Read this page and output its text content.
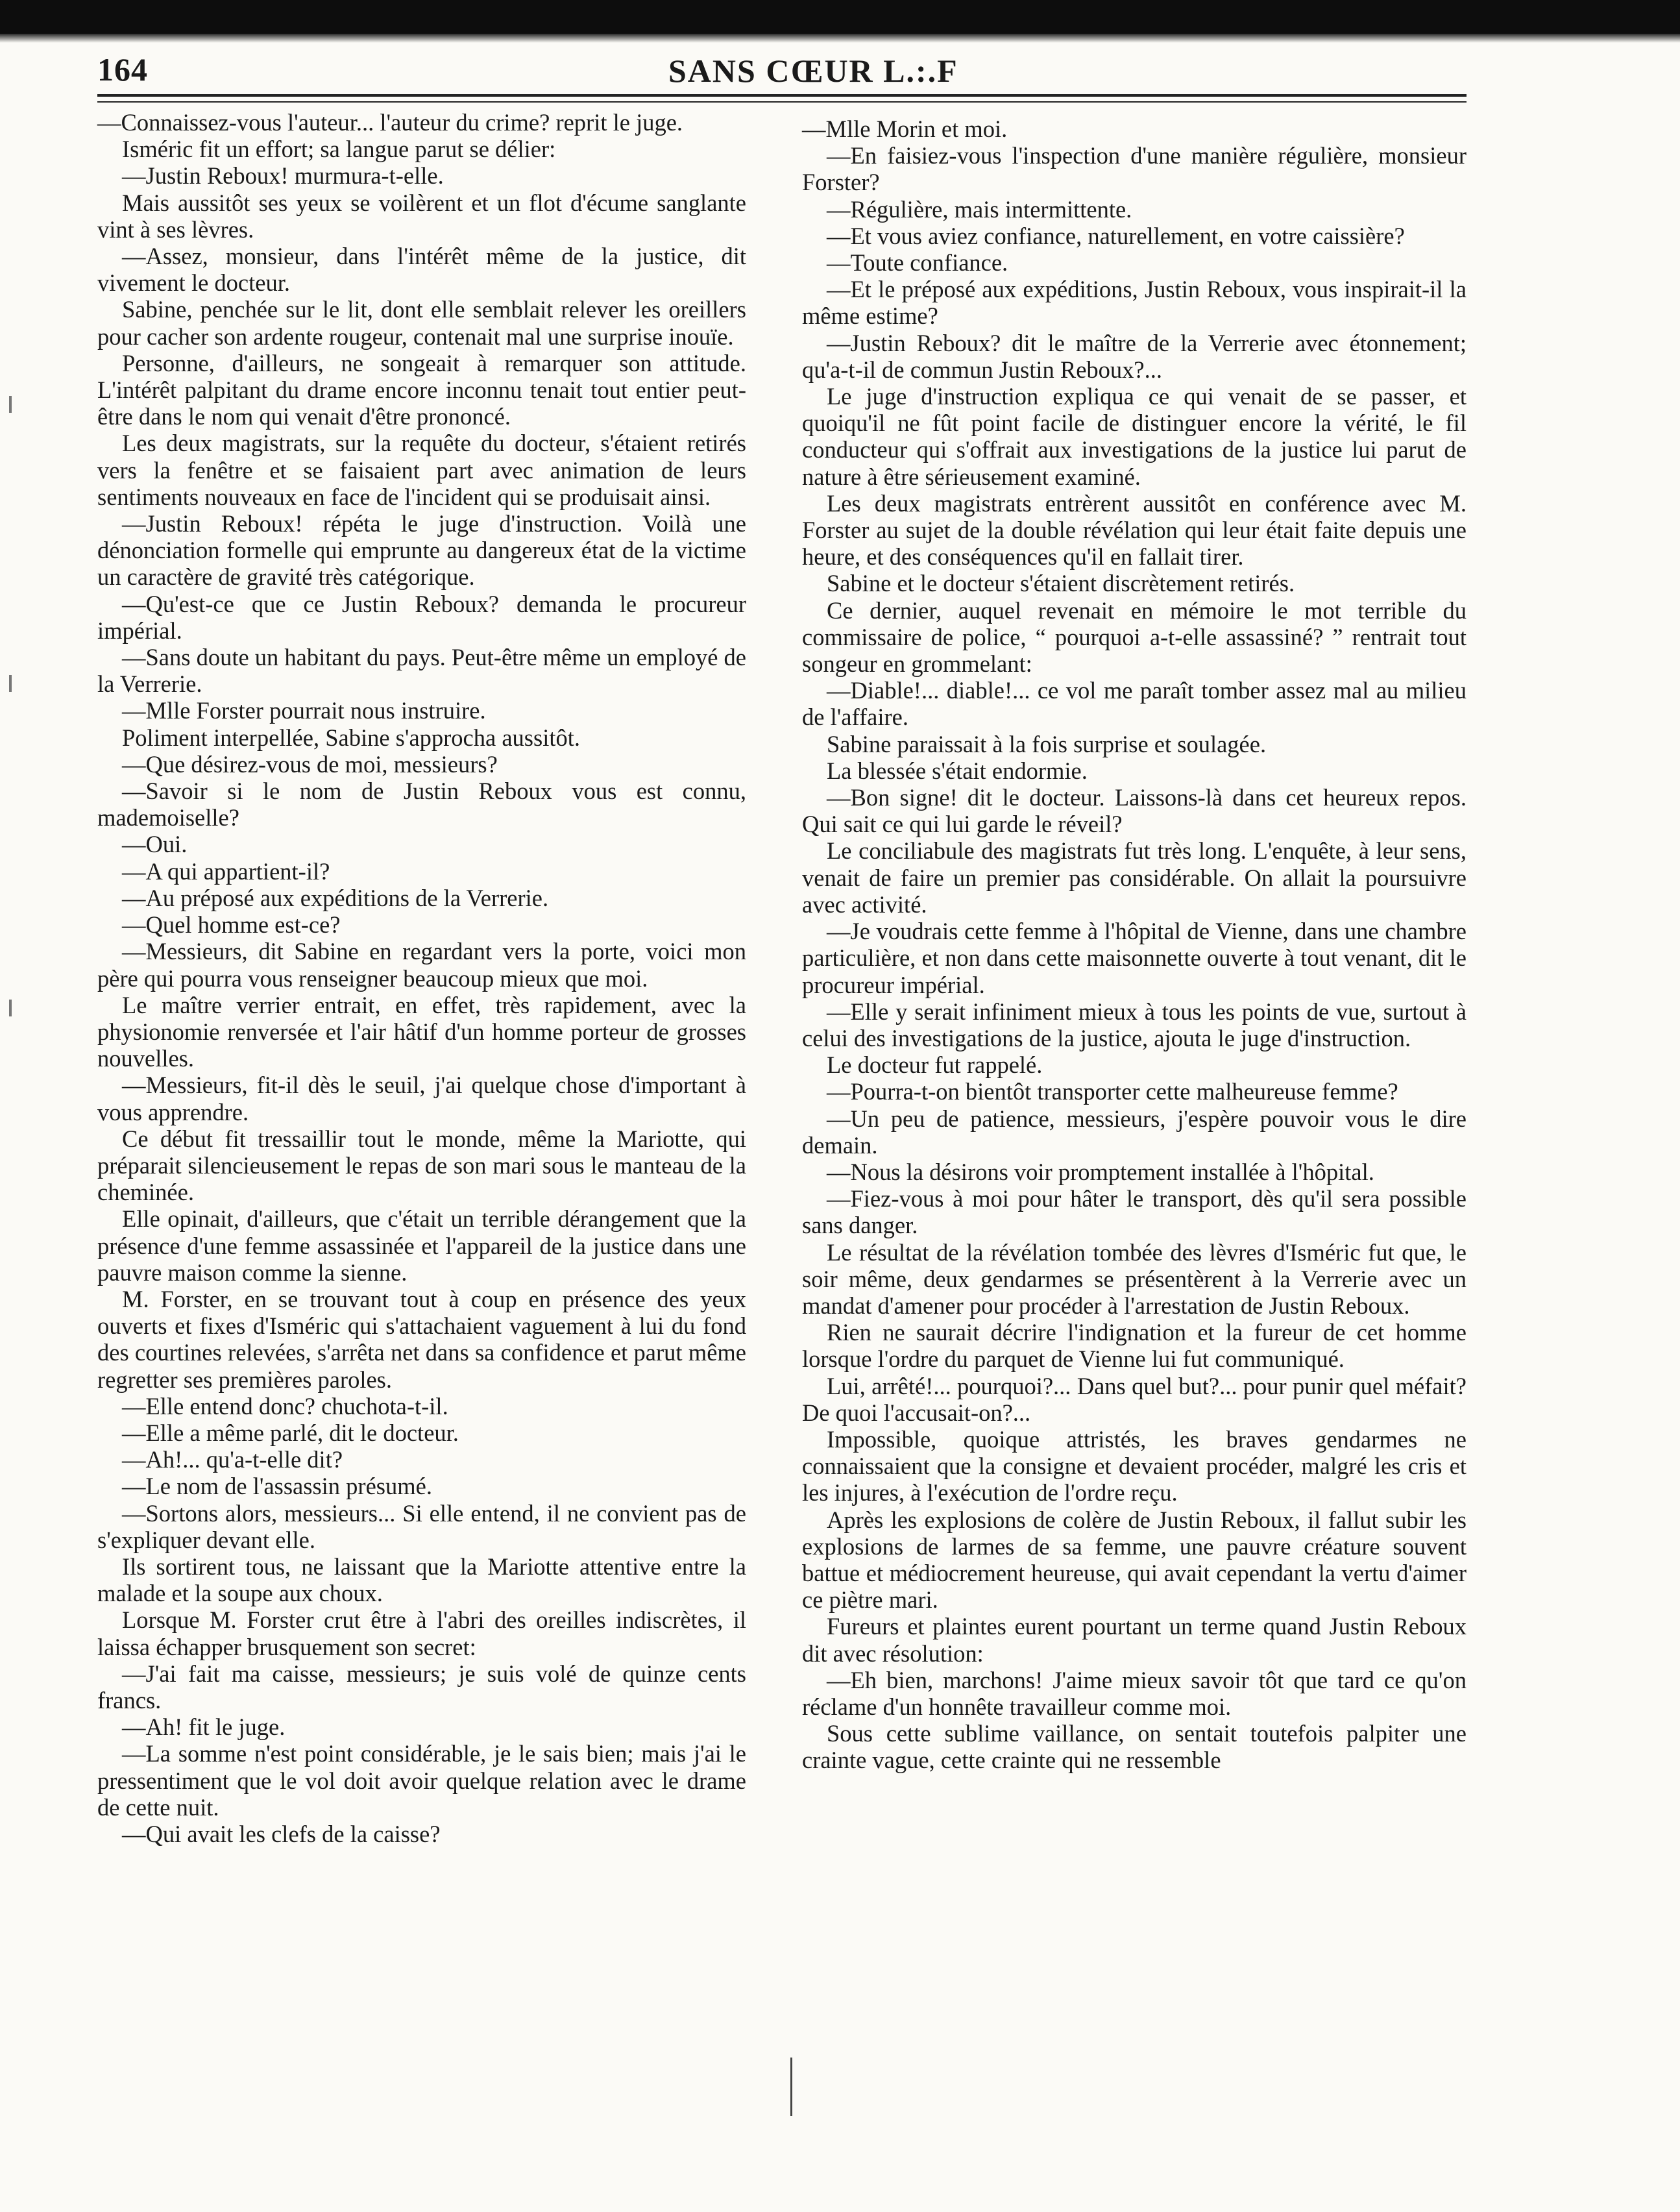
164	SANS CŒUR L.:.F

—Connaissez-vous l'auteur... l'auteur du crime? reprit le juge.

Isméric fit un effort; sa langue parut se délier:

—Justin Reboux! murmura-t-elle.

Mais aussitôt ses yeux se voilèrent et un flot d'écume sanglante vint à ses lèvres.

—Assez, monsieur, dans l'intérêt même de la justice, dit vivement le docteur.

Sabine, penchée sur le lit, dont elle semblait relever les oreillers pour cacher son ardente rougeur, contenait mal une surprise inouïe.

Personne, d'ailleurs, ne songeait à remarquer son attitude. L'intérêt palpitant du drame encore inconnu tenait tout entier peut-être dans le nom qui venait d'être prononcé.

Les deux magistrats, sur la requête du docteur, s'étaient retirés vers la fenêtre et se faisaient part avec animation de leurs sentiments nouveaux en face de l'incident qui se produisait ainsi.

—Justin Reboux! répéta le juge d'instruction. Voilà une dénonciation formelle qui emprunte au dangereux état de la victime un caractère de gravité très catégorique.

—Qu'est-ce que ce Justin Reboux? demanda le procureur impérial.

—Sans doute un habitant du pays. Peut-être même un employé de la Verrerie.

—Mlle Forster pourrait nous instruire.

Poliment interpellée, Sabine s'approcha aussitôt.

—Que désirez-vous de moi, messieurs?

—Savoir si le nom de Justin Reboux vous est connu, mademoiselle?

—Oui.

—A qui appartient-il?

—Au préposé aux expéditions de la Verrerie.

—Quel homme est-ce?

—Messieurs, dit Sabine en regardant vers la porte, voici mon père qui pourra vous renseigner beaucoup mieux que moi.

Le maître verrier entrait, en effet, très rapidement, avec la physionomie renversée et l'air hâtif d'un homme porteur de grosses nouvelles.

—Messieurs, fit-il dès le seuil, j'ai quelque chose d'important à vous apprendre.

Ce début fit tressaillir tout le monde, même la Mariotte, qui préparait silencieusement le repas de son mari sous le manteau de la cheminée.

Elle opinait, d'ailleurs, que c'était un terrible dérangement que la présence d'une femme assassinée et l'appareil de la justice dans une pauvre maison comme la sienne.

M. Forster, en se trouvant tout à coup en présence des yeux ouverts et fixes d'Isméric qui s'attachaient vaguement à lui du fond des courtines relevées, s'arrêta net dans sa confidence et parut même regretter ses premières paroles.

—Elle entend donc? chuchota-t-il.

—Elle a même parlé, dit le docteur.

—Ah!... qu'a-t-elle dit?

—Le nom de l'assassin présumé.

—Sortons alors, messieurs... Si elle entend, il ne convient pas de s'expliquer devant elle.

Ils sortirent tous, ne laissant que la Mariotte attentive entre la malade et la soupe aux choux.

Lorsque M. Forster crut être à l'abri des oreilles indiscrètes, il laissa échapper brusquement son secret:

—J'ai fait ma caisse, messieurs; je suis volé de quinze cents francs.

—Ah! fit le juge.

—La somme n'est point considérable, je le sais bien; mais j'ai le pressentiment que le vol doit avoir quelque relation avec le drame de cette nuit.

—Qui avait les clefs de la caisse?

—Mlle Morin et moi.

—En faisiez-vous l'inspection d'une manière régulière, monsieur Forster?

—Régulière, mais intermittente.

—Et vous aviez confiance, naturellement, en votre caissière?

—Toute confiance.

—Et le préposé aux expéditions, Justin Reboux, vous inspirait-il la même estime?

—Justin Reboux? dit le maître de la Verrerie avec étonnement; qu'a-t-il de commun Justin Reboux?...

Le juge d'instruction expliqua ce qui venait de se passer, et quoiqu'il ne fût point facile de distinguer encore la vérité, le fil conducteur qui s'offrait aux investigations de la justice lui parut de nature à être sérieusement examiné.

Les deux magistrats entrèrent aussitôt en conférence avec M. Forster au sujet de la double révélation qui leur était faite depuis une heure, et des conséquences qu'il en fallait tirer.

Sabine et le docteur s'étaient discrètement retirés.

Ce dernier, auquel revenait en mémoire le mot terrible du commissaire de police, “ pourquoi a-t-elle assassiné? ” rentrait tout songeur en grommelant:

—Diable!... diable!... ce vol me paraît tomber assez mal au milieu de l'affaire.

Sabine paraissait à la fois surprise et soulagée.

La blessée s'était endormie.

—Bon signe! dit le docteur. Laissons-là dans cet heureux repos. Qui sait ce qui lui garde le réveil?

Le conciliabule des magistrats fut très long. L'enquête, à leur sens, venait de faire un premier pas considérable. On allait la poursuivre avec activité.

—Je voudrais cette femme à l'hôpital de Vienne, dans une chambre particulière, et non dans cette maisonnette ouverte à tout venant, dit le procureur impérial.

—Elle y serait infiniment mieux à tous les points de vue, surtout à celui des investigations de la justice, ajouta le juge d'instruction.

Le docteur fut rappelé.

—Pourra-t-on bientôt transporter cette malheureuse femme?

—Un peu de patience, messieurs, j'espère pouvoir vous le dire demain.

—Nous la désirons voir promptement installée à l'hôpital.

—Fiez-vous à moi pour hâter le transport, dès qu'il sera possible sans danger.

Le résultat de la révélation tombée des lèvres d'Isméric fut que, le soir même, deux gendarmes se présentèrent à la Verrerie avec un mandat d'amener pour procéder à l'arrestation de Justin Reboux.

Rien ne saurait décrire l'indignation et la fureur de cet homme lorsque l'ordre du parquet de Vienne lui fut communiqué.

Lui, arrêté!... pourquoi?... Dans quel but?... pour punir quel méfait? De quoi l'accusait-on?...

Impossible, quoique attristés, les braves gendarmes ne connaissaient que la consigne et devaient procéder, malgré les cris et les injures, à l'exécution de l'ordre reçu.

Après les explosions de colère de Justin Reboux, il fallut subir les explosions de larmes de sa femme, une pauvre créature souvent battue et médiocrement heureuse, qui avait cependant la vertu d'aimer ce piètre mari.

Fureurs et plaintes eurent pourtant un terme quand Justin Reboux dit avec résolution:

—Eh bien, marchons! J'aime mieux savoir tôt que tard ce qu'on réclame d'un honnête travailleur comme moi.

Sous cette sublime vaillance, on sentait toutefois palpiter une crainte vague, cette crainte qui ne ressemble
